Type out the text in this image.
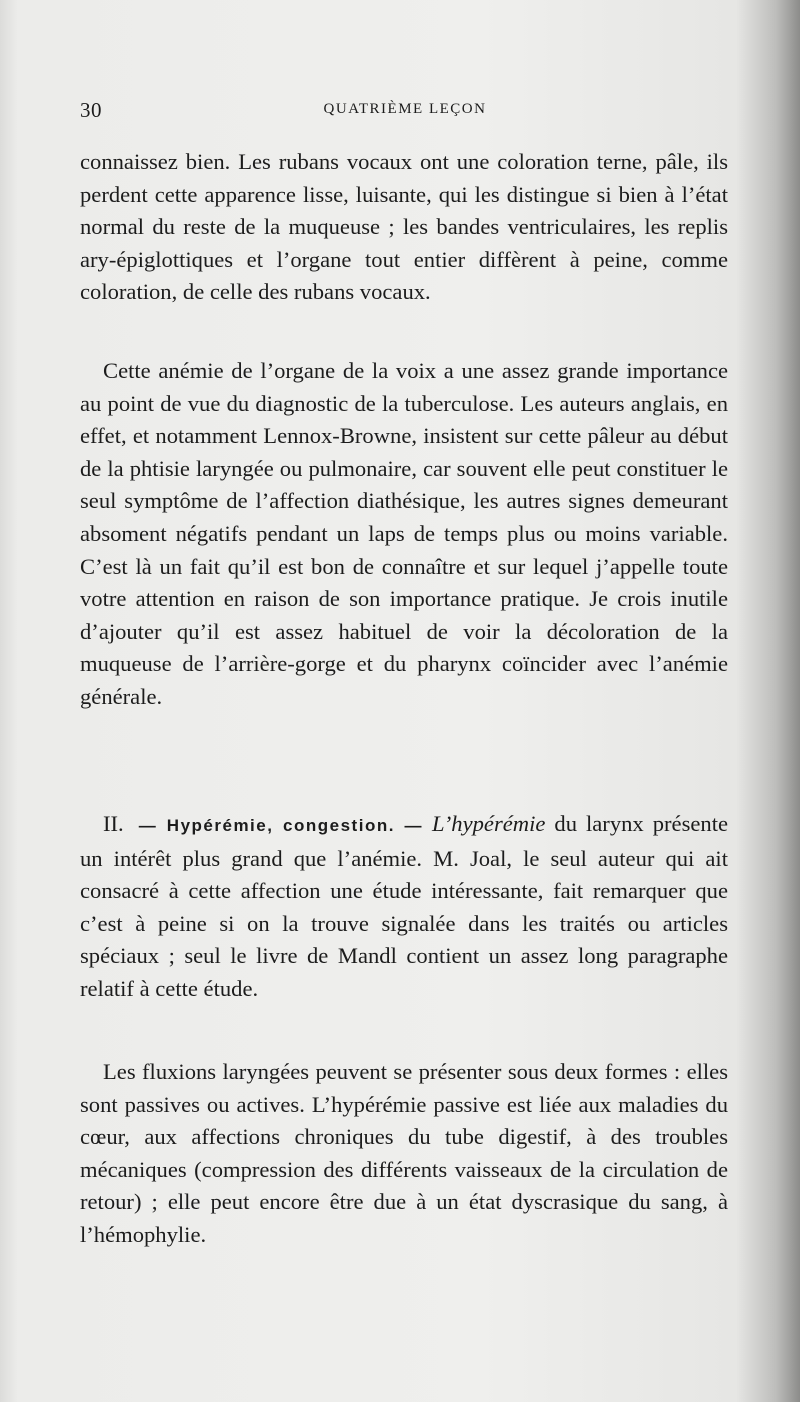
30	QUATRIÈME LEÇON

connaissez bien. Les rubans vocaux ont une coloration terne, pâle, ils perdent cette apparence lisse, luisante, qui les distingue si bien à l’état normal du reste de la muqueuse ; les bandes ventriculaires, les replis ary-épiglottiques et l’organe tout entier diffèrent à peine, comme coloration, de celle des rubans vocaux.

Cette anémie de l’organe de la voix a une assez grande importance au point de vue du diagnostic de la tuberculose. Les auteurs anglais, en effet, et notamment Lennox-Browne, insistent sur cette pâleur au début de la phtisie laryngée ou pulmonaire, car souvent elle peut constituer le seul symptôme de l’affection diathésique, les autres signes demeurant absoment négatifs pendant un laps de temps plus ou moins variable. C’est là un fait qu’il est bon de connaître et sur lequel j’appelle toute votre attention en raison de son importance pratique. Je crois inutile d’ajouter qu’il est assez habituel de voir la décoloration de la muqueuse de l’arrière-gorge et du pharynx coïncider avec l’anémie générale.

II. — Hypérémie, congestion. — L’hypérémie du larynx présente un intérêt plus grand que l’anémie. M. Joal, le seul auteur qui ait consacré à cette affection une étude intéressante, fait remarquer que c’est à peine si on la trouve signalée dans les traités ou articles spéciaux ; seul le livre de Mandl contient un assez long paragraphe relatif à cette étude.

Les fluxions laryngées peuvent se présenter sous deux formes : elles sont passives ou actives. L’hypérémie passive est liée aux maladies du cœur, aux affections chroniques du tube digestif, à des troubles mécaniques (compression des différents vaisseaux de la circulation de retour) ; elle peut encore être due à un état dyscrasique du sang, à l’hémophylie.
